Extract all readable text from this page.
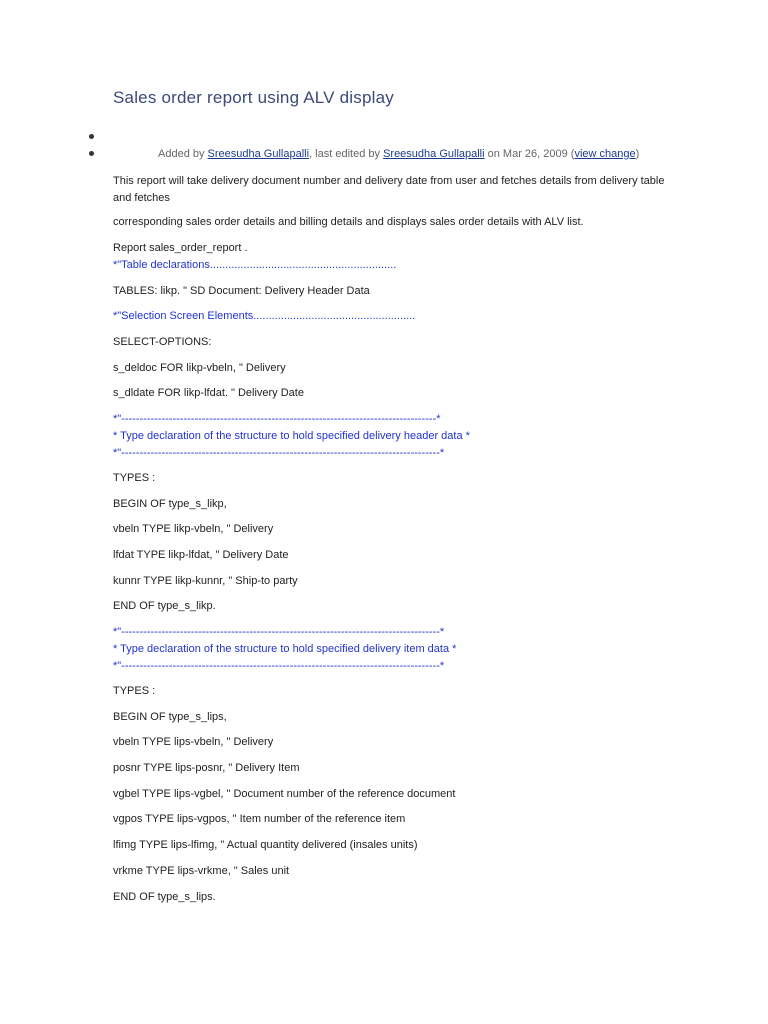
Sales order report using ALV display
Added by Sreesudha Gullapalli, last edited by Sreesudha Gullapalli on Mar 26, 2009 (view change)
This report will take delivery document number and delivery date from user and fetches details from delivery table and fetches
corresponding sales order details and billing details and displays sales order details with ALV list.
Report sales_order_report .
*"Table declarations.............................................................
TABLES: likp. " SD Document: Delivery Header Data
*"Selection Screen Elements.....................................................
SELECT-OPTIONS:
s_deldoc FOR likp-vbeln, " Delivery
s_dldate FOR likp-lfdat. " Delivery Date
*"--------------------------------------------------------------------------------------*
* Type declaration of the structure to hold specified delivery header data *
*"---------------------------------------------------------------------------------------*
TYPES :
BEGIN OF type_s_likp,
vbeln TYPE likp-vbeln, " Delivery
lfdat TYPE likp-lfdat, " Delivery Date
kunnr TYPE likp-kunnr, " Ship-to party
END OF type_s_likp.
*"---------------------------------------------------------------------------------------*
* Type declaration of the structure to hold specified delivery item data *
*"---------------------------------------------------------------------------------------*
TYPES :
BEGIN OF type_s_lips,
vbeln TYPE lips-vbeln, " Delivery
posnr TYPE lips-posnr, " Delivery Item
vgbel TYPE lips-vgbel, " Document number of the reference document
vgpos TYPE lips-vgpos, " Item number of the reference item
lfimg TYPE lips-lfimg, " Actual quantity delivered (insales units)
vrkme TYPE lips-vrkme, " Sales unit
END OF type_s_lips.
